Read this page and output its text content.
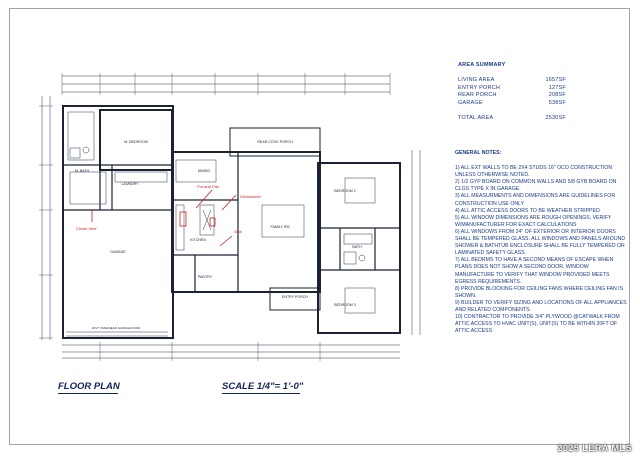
M. BEDROOM	REAR COVD PORCH
DINING
KITCHEN
FAMILY RM
BEDROOM 2
BEDROOM 3
BATH
LAUNDRY
GARAGE
PANTRY
ENTRY PORCH
M. BATH
16'x7' OVERHEAD GARAGE DOOR
Pot and Pan
Dishwasher
Sink
Closet here
AREA SUMMARY
LIVING AREA	1657SF
ENTRY PORCH	127SF
REAR PORCH	208SF
GARAGE	538SF
TOTAL AREA	2530SF
GENERAL NOTES:

1) ALL EXT WALLS TO BE 2X4 STUDS 16" OCO CONSTRUCTION UNLESS OTHERWISE NOTED.

2) 1/2 GYP BOARD ON COMMON WALLS AND 5/8 GYB BOARD ON CLGS TYPE X IN GARAGE.

3) ALL MEASURMENTS AND DIMENSIONS ARE GUIDELINES FOR CONSTRUCTION USE ONLY

4) ALL ATTIC ACCESS DOORS TO BE WEATHER STRIPPED

5) ALL WINDOW DIMENSIONS ARE ROUGH OPENINGS, VERIFY W/MANUFACTURER FOR EXACT CALCULATIONS

6) ALL WINDOWS FROM 24" OF EXTERIOR OR INTERIOR DOORS SHALL BE TEMPERED GLASS. ALL WINDOWS AND PANELS AROUND SHOWER & BATHTUB ENCLOSURE SHALL BE FULLY TEMPERED OR LAMINATED SAFETY GLASS.

7) ALL BEDRMS TO HAVE A SECOND MEANS OF ESCAPE WHEN PLANS DOES NOT SHOW A SECOND DOOR. WINDOW MANUFACTURE TO VERIFY THAT WINDOW PROVIDED MEETS EGRESS REQUIREMENTS.

8) PROVIDE BLOCKING FOR CEILING FANS WHERE CEILING FAN IS SHOWN.

9) BUILDER TO VERIFY SIZING AND LOCATIONS OF ALL APPLIANCES AND RELATED COMPONENTS.

10) CONTRACTOR TO PROVIDE 3/4" PLYWOOD @CATWALK FROM ATTIC ACCESS TO HVAC UNIT(S), UNIT(S) TO BE WITHIN 20FT OF ATTIC ACCESS

FLOOR PLAN	SCALE 1/4"= 1'-0"
2025 LERA MLS
